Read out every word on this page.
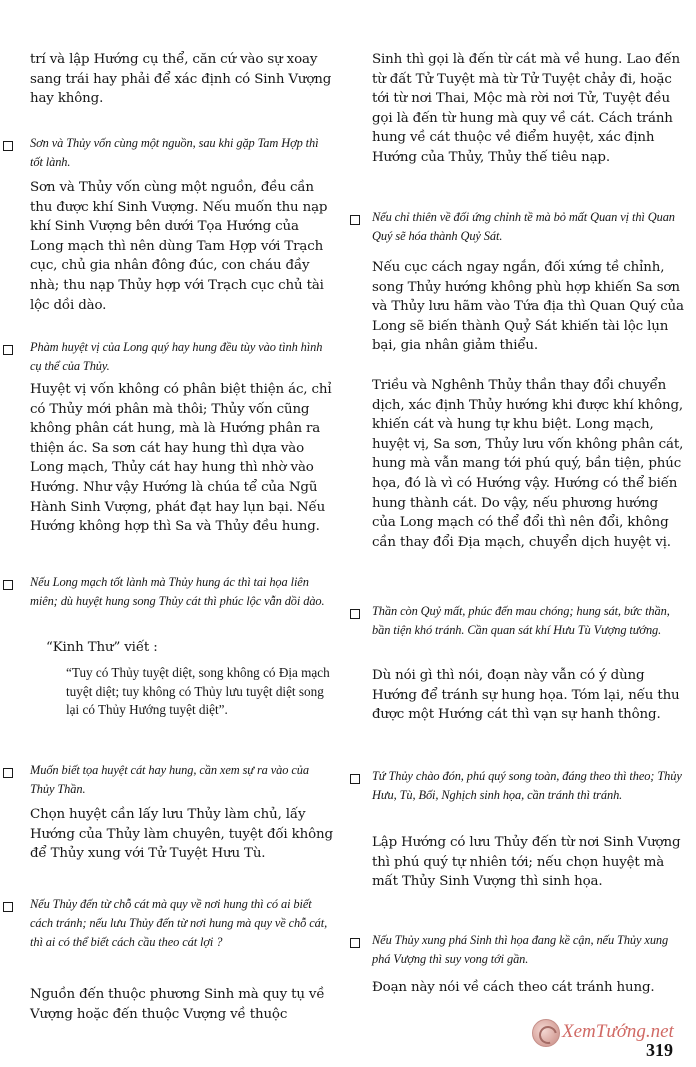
trí và lập Hướng cụ thể, căn cứ vào sự xoay sang trái hay phải để xác định có Sinh Vượng hay không.

Sơn và Thủy vốn cùng một nguồn, sau khi gặp Tam Hợp thì tốt lành.

Sơn và Thủy vốn cùng một nguồn, đều cần thu được khí Sinh Vượng. Nếu muốn thu nạp khí Sinh Vượng bên dưới Tọa Hướng của Long mạch thì nên dùng Tam Hợp với Trạch cục, chủ gia nhân đông đúc, con cháu đầy nhà; thu nạp Thủy hợp với Trạch cục chủ tài lộc dồi dào.

Phàm huyệt vị của Long quý hay hung đều tùy vào tình hình cụ thể của Thủy.

Huyệt vị vốn không có phân biệt thiện ác, chỉ có Thủy mới phân mà thôi; Thủy vốn cũng không phân cát hung, mà là Hướng phân ra thiện ác. Sa sơn cát hay hung thì dựa vào Long mạch, Thủy cát hay hung thì nhờ vào Hướng. Như vậy Hướng là chúa tể của Ngũ Hành Sinh Vượng, phát đạt hay lụn bại. Nếu Hướng không hợp thì Sa và Thủy đều hung.

Nếu Long mạch tốt lành mà Thủy hung ác thì tai họa liên miên; dù huyệt hung song Thủy cát thì phúc lộc vẫn dồi dào.

“Kinh Thư” viết :

“Tuy có Thủy tuyệt diệt, song không có Địa mạch tuyệt diệt; tuy không có Thủy lưu tuyệt diệt song lại có Thủy Hướng tuyệt diệt”.

Muốn biết tọa huyệt cát hay hung, cần xem sự ra vào của Thủy Thần.

Chọn huyệt cần lấy lưu Thủy làm chủ, lấy Hướng của Thủy làm chuyên, tuyệt đối không để Thủy xung với Tử Tuyệt Hưu Tù.

Nếu Thủy đến từ chỗ cát mà quy về nơi hung thì có ai biết cách tránh; nếu lưu Thủy đến từ nơi hung mà quy về chỗ cát, thì ai có thể biết cách cầu theo cát lợi ?

Nguồn đến thuộc phương Sinh mà quy tụ về Vượng hoặc đến thuộc Vượng về thuộc

Sinh thì gọi là đến từ cát mà về hung. Lao đến từ đất Tử Tuyệt mà từ Tử Tuyệt chảy đi, hoặc tới từ nơi Thai, Mộc mà rời nơi Tử, Tuyệt đều gọi là đến từ hung mà quy về cát. Cách tránh hung về cát thuộc về điểm huyệt, xác định Hướng của Thủy, Thủy thế tiêu nạp.

Nếu chỉ thiên về đối ứng chỉnh tề mà bỏ mất Quan vị thì Quan Quý sẽ hóa thành Quỷ Sát.

Nếu cục cách ngay ngắn, đối xứng tề chỉnh, song Thủy hướng không phù hợp khiến Sa sơn và Thủy lưu hãm vào Tứa địa thì Quan Quý của Long sẽ biến thành Quỷ Sát khiến tài lộc lụn bại, gia nhân giảm thiểu.

Triều và Nghênh Thủy thần thay đổi chuyển dịch, xác định Thủy hướng khi được khí không, khiến cát và hung tự khu biệt. Long mạch, huyệt vị, Sa sơn, Thủy lưu vốn không phân cát, hung mà vẫn mang tới phú quý, bần tiện, phúc họa, đó là vì có Hướng vậy. Hướng có thể biến hung thành cát. Do vậy, nếu phương hướng của Long mạch có thể đổi thì nên đổi, không cần thay đổi Địa mạch, chuyển dịch huyệt vị.

Thần còn Quỷ mất, phúc đến mau chóng; hung sát, bức thần, bần tiện khó tránh. Cần quan sát khí Hưu Tù Vượng tướng.

Dù nói gì thì nói, đoạn này vẫn có ý dùng Hướng để tránh sự hung họa. Tóm lại, nếu thu được một Hướng cát thì vạn sự hanh thông.

Tứ Thủy chào đón, phú quý song toàn, đáng theo thì theo; Thủy Hưu, Tù, Bối, Nghịch sinh họa, cần tránh thì tránh.

Lập Hướng có lưu Thủy đến từ nơi Sinh Vượng thì phú quý tự nhiên tới; nếu chọn huyệt mà mất Thủy Sinh Vượng thì sinh họa.

Nếu Thủy xung phá Sinh thì họa đang kề cận, nếu Thủy xung phá Vượng thì suy vong tới gần.

Đoạn này nói về cách theo cát tránh hung.

XemTướng.net
319
